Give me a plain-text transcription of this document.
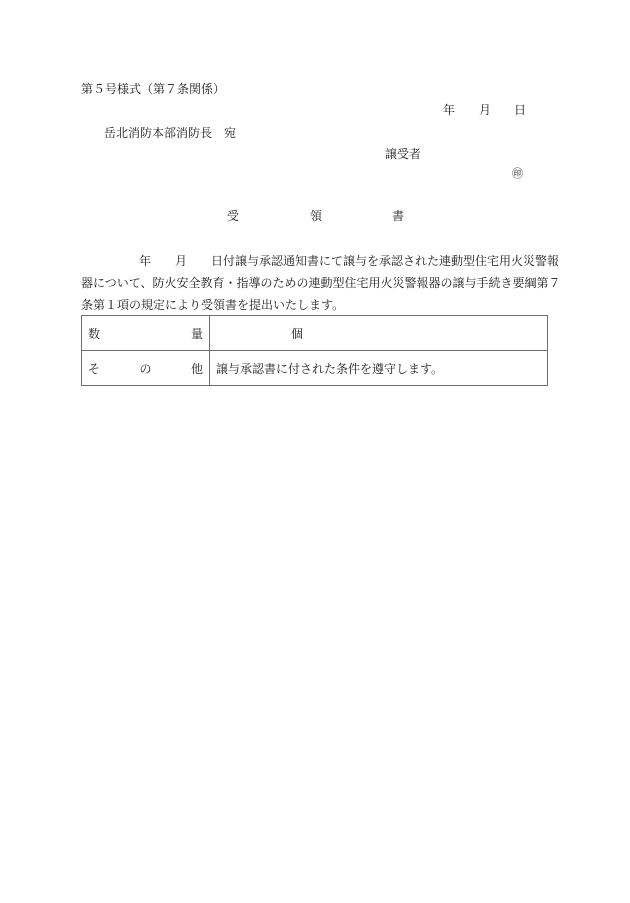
第５号様式（第７条関係）
年 月 日
岳北消防本部消防長 宛
譲受者
㊞
受	領	書
年 月 日付譲与承認通知書にて譲与を承認された連動型住宅用火災警報
器について、防火安全教育・指導のための連動型住宅用火災警報器の譲与手続き要綱第７
条第１項の規定により受領書を提出いたします。
数 量	個

そ の 他	譲与承認書に付された条件を遵守します。
